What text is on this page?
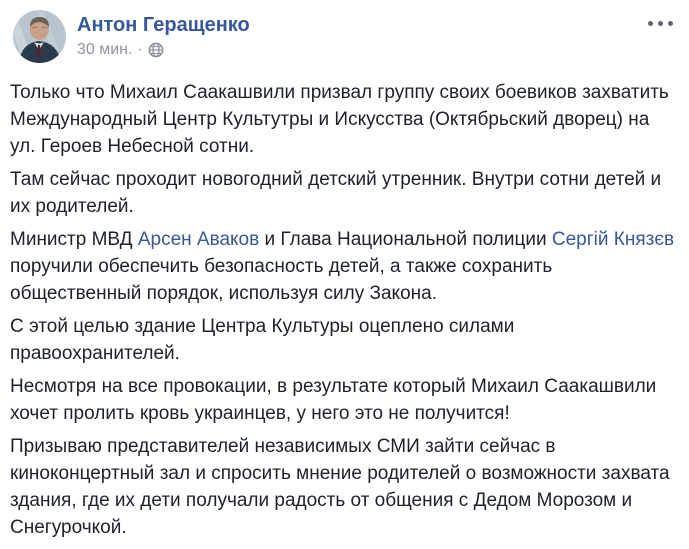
Антон Геращенко
30 мин. ·

Только что Михаил Саакашвили призвал группу своих боевиков захватить Международный Центр Культутры и Искусства (Октябрьский дворец) на ул. Героев Небесной сотни.

Там сейчас проходит новогодний детский утренник. Внутри сотни детей и их родителей.

Министр МВД Арсен Аваков и Глава Национальной полиции Сергій Князєв поручили обеспечить безопасность детей, а также сохранить общественный порядок, используя силу Закона.

С этой целью здание Центра Культуры оцеплено силами правоохранителей.

Несмотря на все провокации, в результате который Михаил Саакашвили хочет пролить кровь украинцев, у него это не получится!

Призываю представителей независимых СМИ зайти сейчас в киноконцертный зал и спросить мнение родителей о возможности захвата здания, где их дети получали радость от общения с Дедом Морозом и Снегурочкой.
